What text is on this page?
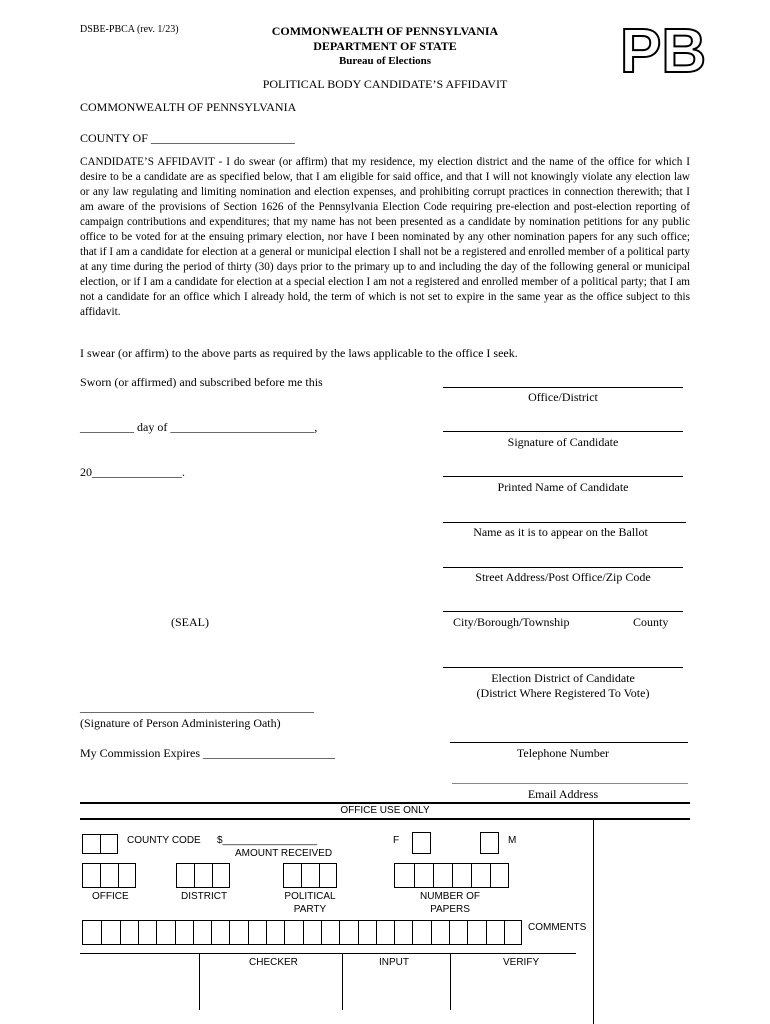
DSBE-PBCA (rev. 1/23)	COMMONWEALTH OF PENNSYLVANIA
DEPARTMENT OF STATE
Bureau of Elections	PB
POLITICAL BODY CANDIDATE’S AFFIDAVIT
COMMONWEALTH OF PENNSYLVANIA
COUNTY OF ________________________
CANDIDATE’S AFFIDAVIT - I do swear (or affirm) that my residence, my election district and the name of the office for which I desire to be a candidate are as specified below, that I am eligible for said office, and that I will not knowingly violate any election law or any law regulating and limiting nomination and election expenses, and prohibiting corrupt practices in connection therewith; that I am aware of the provisions of Section 1626 of the Pennsylvania Election Code requiring pre-election and post-election reporting of campaign contributions and expenditures; that my name has not been presented as a candidate by nomination petitions for any public office to be voted for at the ensuing primary election, nor have I been nominated by any other nomination papers for any such office; that if I am a candidate for election at a general or municipal election I shall not be a registered and enrolled member of a political party at any time during the period of thirty (30) days prior to the primary up to and including the day of the following general or municipal election, or if I am a candidate for election at a special election I am not a registered and enrolled member of a political party; that I am not a candidate for an office which I already hold, the term of which is not set to expire in the same year as the office subject to this affidavit.
I swear (or affirm) to the above parts as required by the laws applicable to the office I seek.
Sworn (or affirmed) and subscribed before me this
_________ day of ________________________,
20_______________.
(SEAL)
_______________________________________
(Signature of Person Administering Oath)
My Commission Expires ______________________
Office/District
Signature of Candidate
Printed Name of Candidate
Name as it is to appear on the Ballot
Street Address/Post Office/Zip Code
City/Borough/Township	County
Election District of Candidate
(District Where Registered To Vote)
Telephone Number
Email Address
OFFICE USE ONLY
COUNTY CODE $_________________
AMOUNT RECEIVED
F	M
OFFICE	DISTRICT	POLITICAL
PARTY
NUMBER OF
PAPERS
COMMENTS
CHECKER	INPUT	VERIFY
